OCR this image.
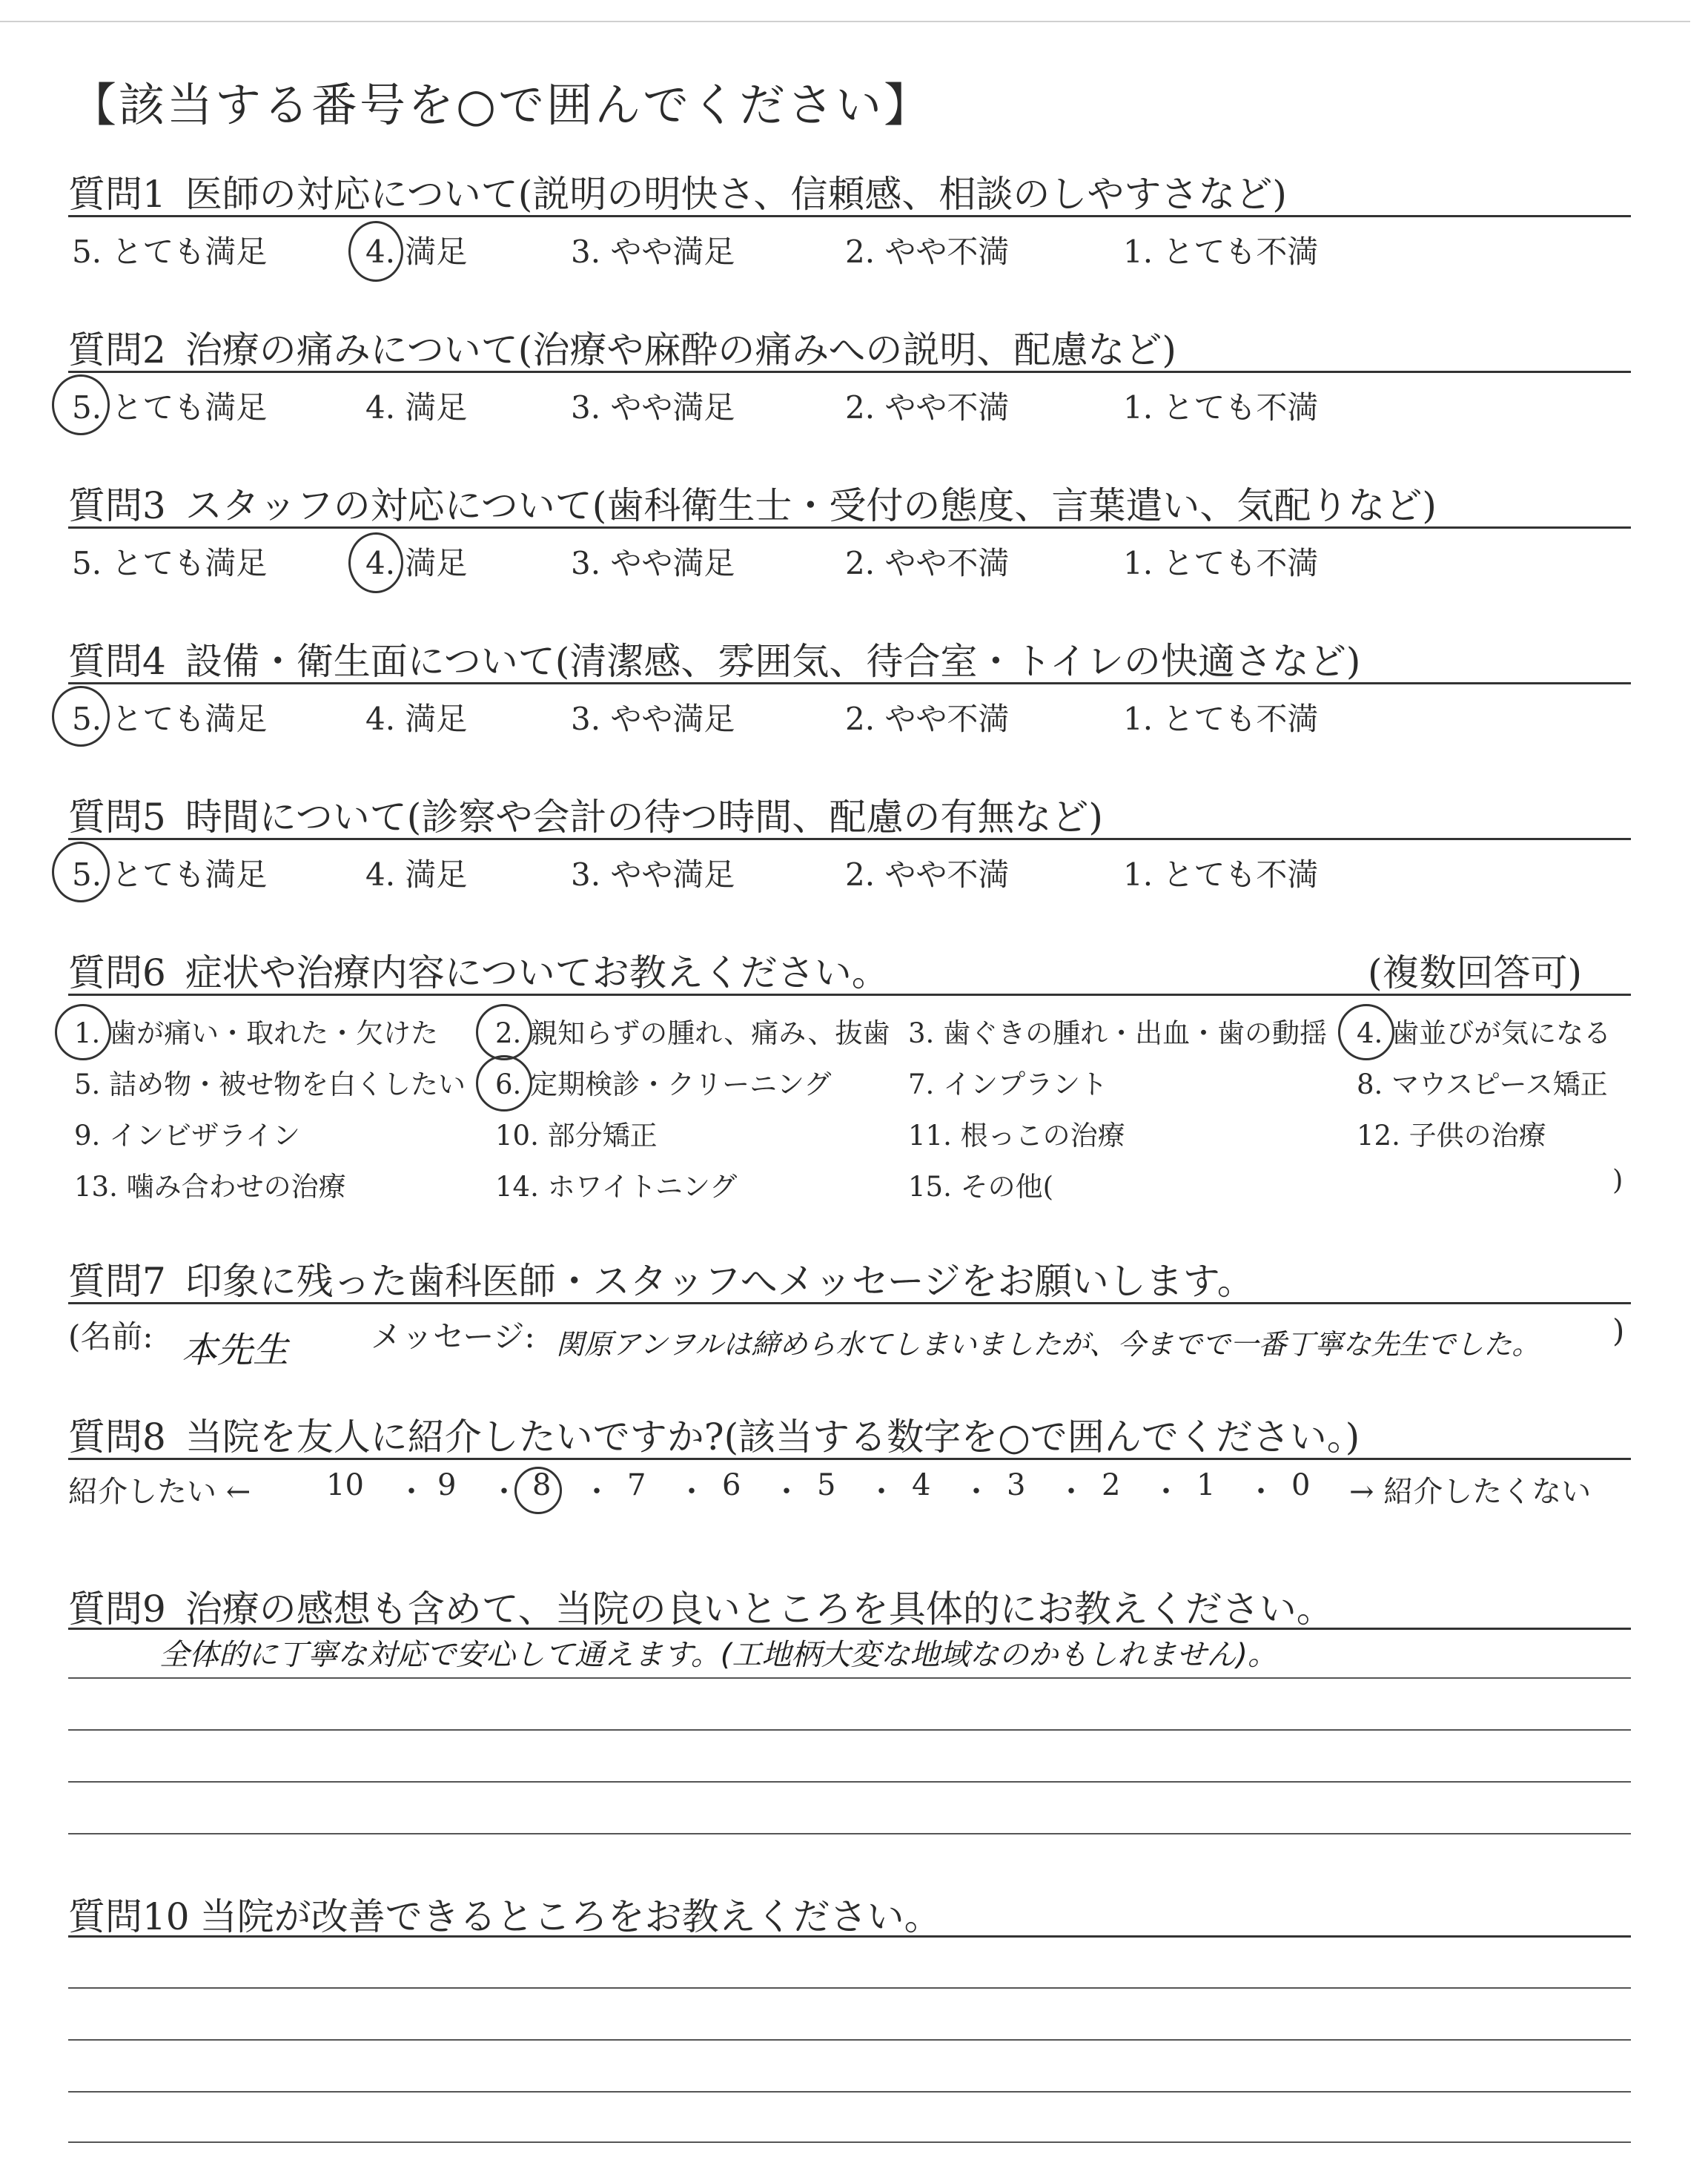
【該当する番号を○で囲んでください】
質問1 医師の対応について(説明の明快さ、信頼感、相談のしやすさなど)
5. とても満足	4. 満足	3. やや満足	2. やや不満	1. とても不満
質問2 治療の痛みについて(治療や麻酔の痛みへの説明、配慮など)
5. とても満足	4. 満足	3. やや満足	2. やや不満	1. とても不満
質問3 スタッフの対応について(歯科衛生士・受付の態度、言葉遣い、気配りなど)
5. とても満足	4. 満足	3. やや満足	2. やや不満	1. とても不満
質問4 設備・衛生面について(清潔感、雰囲気、待合室・トイレの快適さなど)
5. とても満足	4. 満足	3. やや満足	2. やや不満	1. とても不満
質問5 時間について(診察や会計の待つ時間、配慮の有無など)
5. とても満足	4. 満足	3. やや満足	2. やや不満	1. とても不満
質問6 症状や治療内容についてお教えください。	(複数回答可)
1. 歯が痛い・取れた・欠けた 2. 親知らずの腫れ、痛み、抜歯 3. 歯ぐきの腫れ・出血・歯の動揺 4. 歯並びが気になる
5. 詰め物・被せ物を白くしたい 6. 定期検診・クリーニング	7. インプラント	8. マウスピース矯正
9. インビザライン	10. 部分矯正	11. 根っこの治療	12. 子供の治療
13. 噛み合わせの治療	14. ホワイトニング	15. その他(	)
質問7 印象に残った歯科医師・スタッフへメッセージをお願いします。
(名前: 本先生	メッセージ: 関原アンヲルは締めら水てしまいましたが、今までで一番丁寧な先生でした。 )
質問8 当院を友人に紹介したいですか?(該当する数字を○で囲んでください。)
紹介したい ←	→ 紹介したくない
10 ・ 9 ・ 8 ・ 7 ・ 6 ・ 5 ・ 4 ・ 3 ・ 2 ・ 1 ・ 0
質問9 治療の感想も含めて、当院の良いところを具体的にお教えください。
全体的に丁寧な対応で安心して通えます。(工地柄大変な地域なのかもしれません)。
質問10 当院が改善できるところをお教えください。
